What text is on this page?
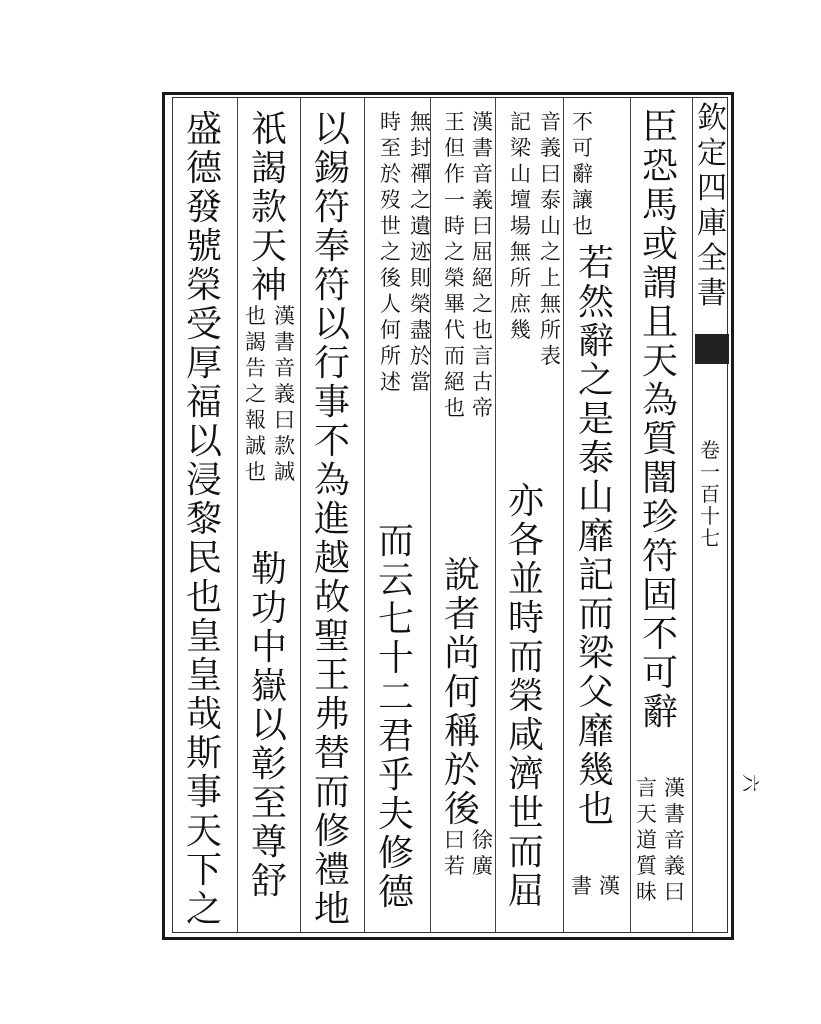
欽
定
四
庫
全
書
卷
一
百
十
七
六
臣
恐
馬
或
謂
且
天
為
質
闇
珍
符
固
不
可
辭
漢
書
音
義
曰
言
天
道
質
昧
不
可
辭
讓
也
若
然
辭
之
是
泰
山
靡
記
而
梁
父
靡
幾
也
漢
書
音
義
曰
泰
山
之
上
無
所
表
記
梁
山
壇
場
無
所
庶
幾
亦
各
並
時
而
榮
咸
濟
世
而
屈
徐
廣
曰
若
漢
書
音
義
曰
屈
絕
之
也
言
古
帝
王
但
作
一
時
之
榮
畢
代
而
絕
也
說
者
尚
何
稱
於
後
無
封
禪
之
遺
迹
則
榮
盡
於
當
時
至
於
歿
世
之
後
人
何
所
述
而
云
七
十
二
君
乎
夫
修
德
以
錫
符
奉
符
以
行
事
不
為
進
越
故
聖
王
弗
替
而
修
禮
地
祇
謁
款
天
神
漢
書
音
義
曰
款
誠
也
謁
告
之
報
誠
也
勒
功
中
嶽
以
彰
至
尊
舒
盛
德
發
號
榮
受
厚
福
以
浸
黎
民
也
皇
皇
哉
斯
事
天
下
之
